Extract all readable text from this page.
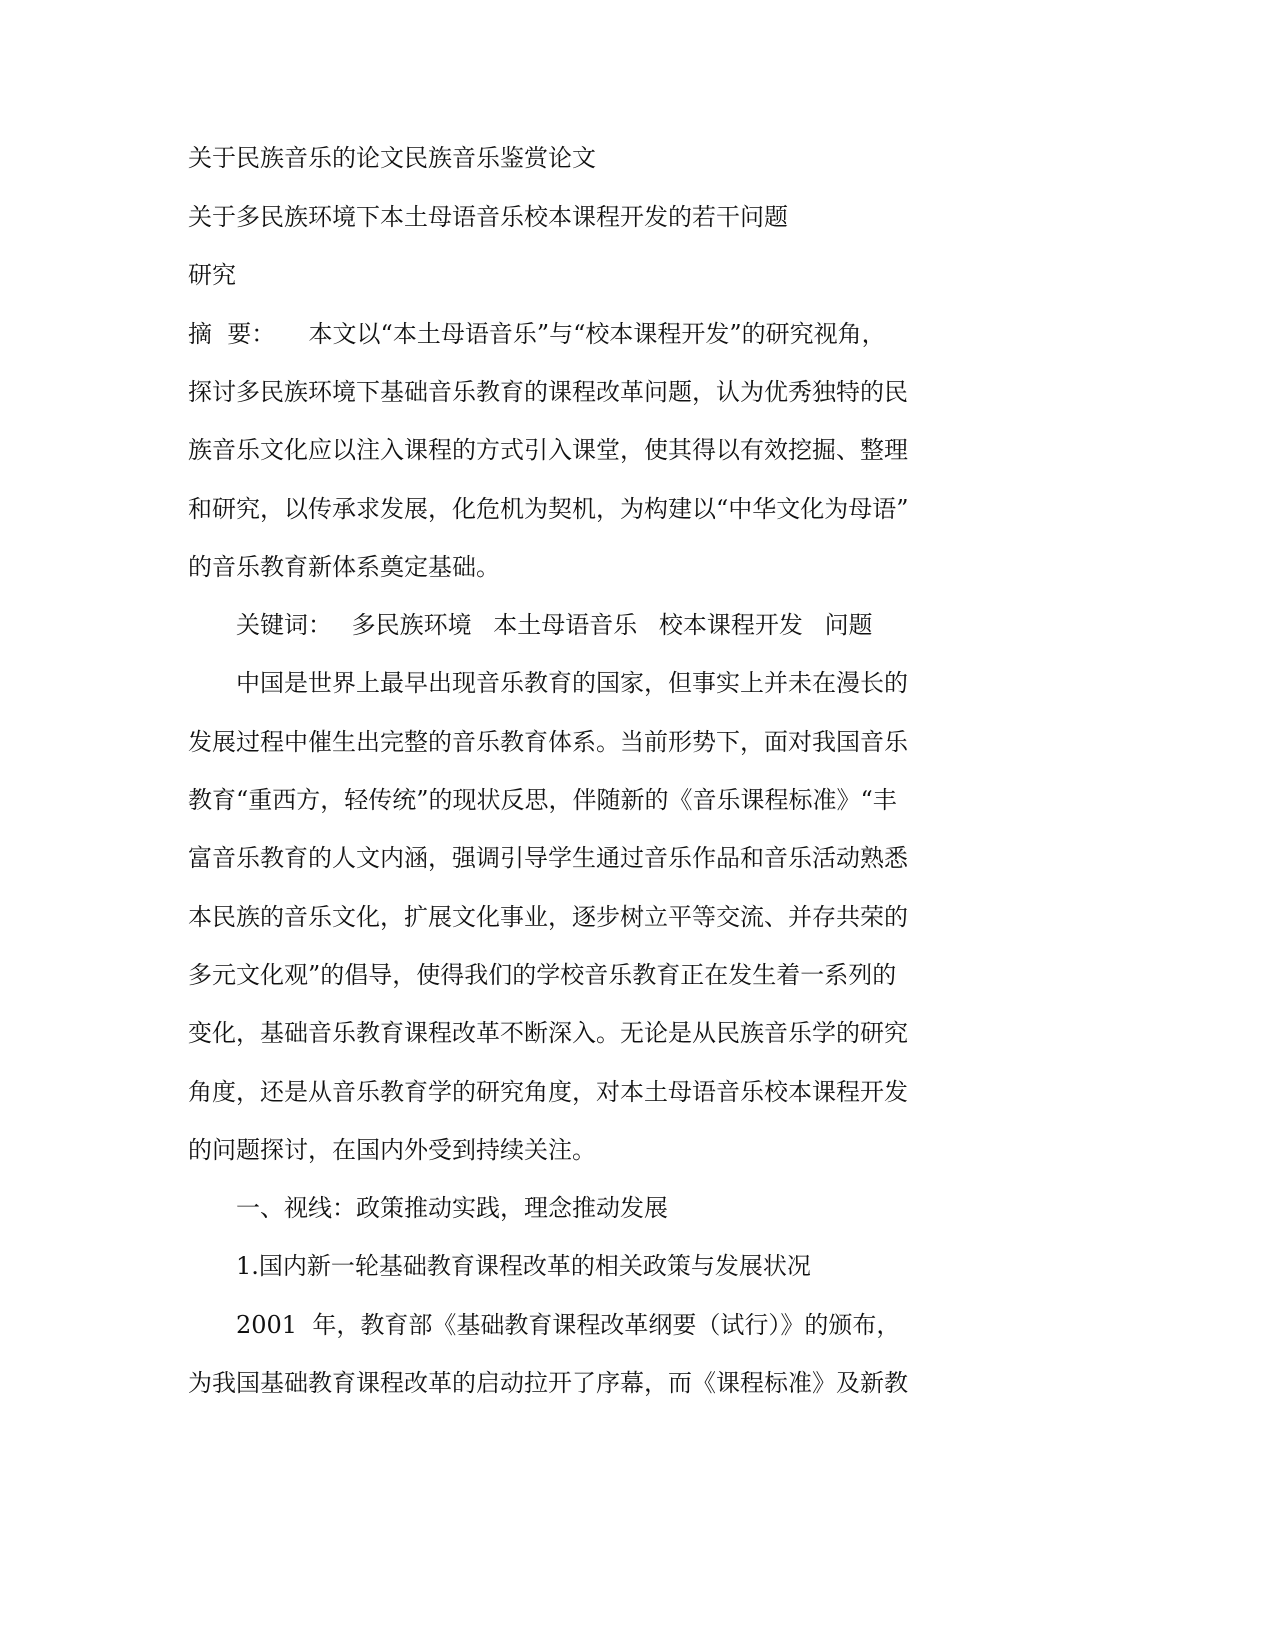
关于民族音乐的论文民族音乐鉴赏论文
关于多民族环境下本土母语音乐校本课程开发的若干问题
研究
摘  要： 本文以“本土母语音乐”与“校本课程开发”的研究视角，
探讨多民族环境下基础音乐教育的课程改革问题，认为优秀独特的民
族音乐文化应以注入课程的方式引入课堂，使其得以有效挖掘、整理
和研究，以传承求发展，化危机为契机，为构建以“中华文化为母语”
的音乐教育新体系奠定基础。
关键词： 多民族环境 本土母语音乐 校本课程开发 问题
中国是世界上最早出现音乐教育的国家，但事实上并未在漫长的
发展过程中催生出完整的音乐教育体系。当前形势下，面对我国音乐
教育“重西方，轻传统”的现状反思，伴随新的《音乐课程标准》“丰
富音乐教育的人文内涵，强调引导学生通过音乐作品和音乐活动熟悉
本民族的音乐文化，扩展文化事业，逐步树立平等交流、并存共荣的
多元文化观”的倡导，使得我们的学校音乐教育正在发生着一系列的
变化，基础音乐教育课程改革不断深入。无论是从民族音乐学的研究
角度，还是从音乐教育学的研究角度，对本土母语音乐校本课程开发
的问题探讨，在国内外受到持续关注。
一、视线：政策推动实践，理念推动发展
1.国内新一轮基础教育课程改革的相关政策与发展状况
2001  年，教育部《基础教育课程改革纲要（试行）》的颁布，
为我国基础教育课程改革的启动拉开了序幕，而《课程标准》及新教
